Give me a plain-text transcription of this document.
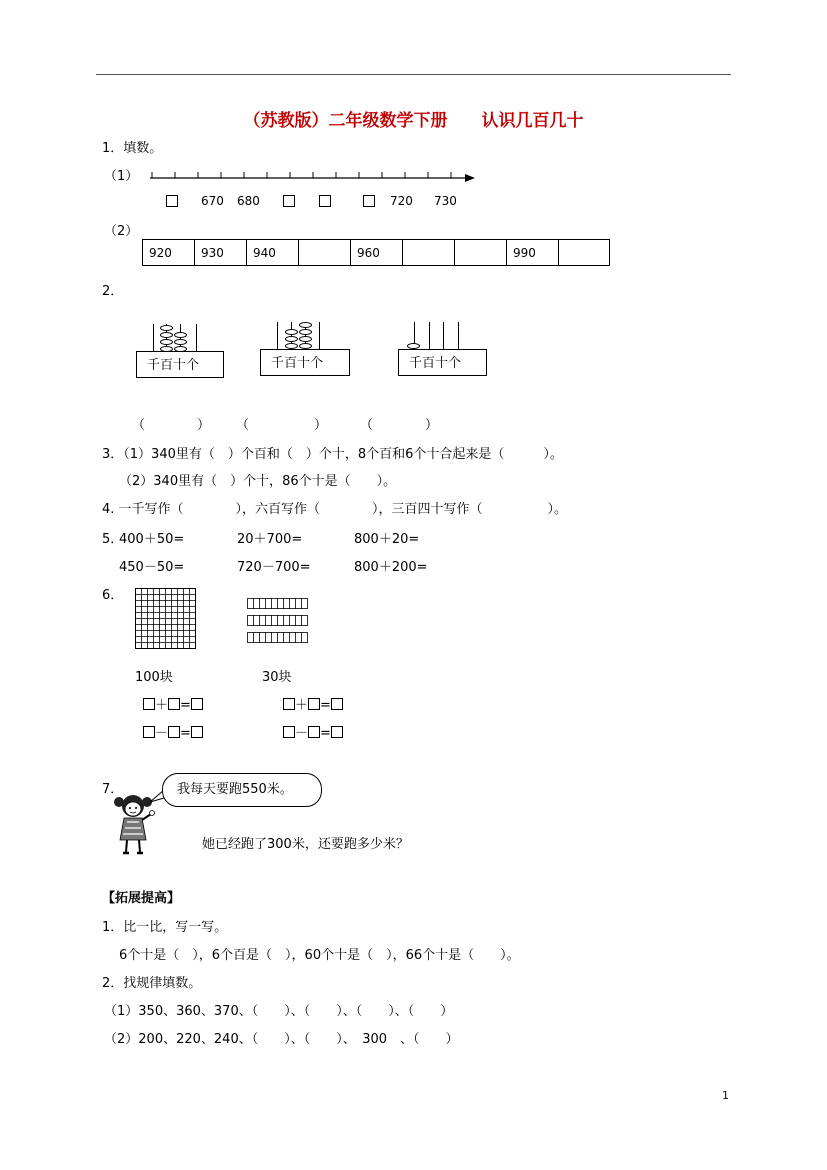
（苏教版）二年级数学下册　　认识几百几十
1．填数。
（1）
670 680	720 730
（2）
920	930	940		960			990	
2．
千百十个	千百十个	千百十个
（　　　　） （　　　　　）	（　　　　）
3．（1）340里有（　）个百和（　）个十，8个百和6个十合起来是（　　　）。
（2）340里有（　）个十，86个十是（　　）。
4. 一千写作（　　　　），六百写作（　　　　），三百四十写作（　　　　　）。
5．
400＋50=	20＋700=	800＋20=
450－50=	720－700=	800＋200=
6．
100块	30块
＋ =	＋ =
－ =	－ =
7．	我每天要跑550米。
她已经跑了300米，还要跑多少米？
【拓展提高】
1．比一比，写一写。
6个十是（　），6个百是（　），60个十是（　），66个十是（　　）。
2．找规律填数。
（1）350、360、370、（　　）、（　　）、（　　）、（　　）
（2）200、220、240、（　　）、（　　）、　300　、（　　）
1
